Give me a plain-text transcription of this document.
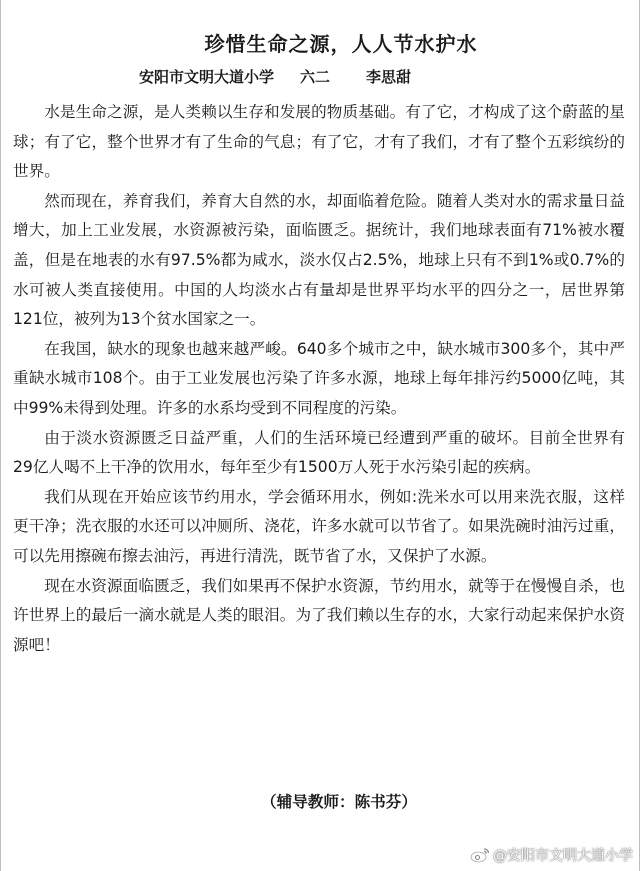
珍惜生命之源，人人节水护水
安阳市文明大道小学 六二 李思甜

水是生命之源，是人类赖以生存和发展的物质基础。有了它，才构成了这个蔚蓝的星球；有了它，整个世界才有了生命的气息；有了它，才有了我们，才有了整个五彩缤纷的世界。

然而现在，养育我们，养育大自然的水，却面临着危险。随着人类对水的需求量日益增大，加上工业发展，水资源被污染，面临匮乏。据统计，我们地球表面有71%被水覆盖，但是在地表的水有97.5%都为咸水，淡水仅占2.5%，地球上只有不到1%或0.7%的水可被人类直接使用。中国的人均淡水占有量却是世界平均水平的四分之一，居世界第121位，被列为13个贫水国家之一。

在我国，缺水的现象也越来越严峻。640多个城市之中，缺水城市300多个，其中严重缺水城市108个。由于工业发展也污染了许多水源，地球上每年排污约5000亿吨，其中99%未得到处理。许多的水系均受到不同程度的污染。

由于淡水资源匮乏日益严重，人们的生活环境已经遭到严重的破坏。目前全世界有29亿人喝不上干净的饮用水，每年至少有1500万人死于水污染引起的疾病。

我们从现在开始应该节约用水，学会循环用水，例如:洗米水可以用来洗衣服，这样更干净；洗衣服的水还可以冲厕所、浇花，许多水就可以节省了。如果洗碗时油污过重，可以先用擦碗布擦去油污，再进行清洗，既节省了水，又保护了水源。

现在水资源面临匮乏，我们如果再不保护水资源，节约用水，就等于在慢慢自杀，也许世界上的最后一滴水就是人类的眼泪。为了我们赖以生存的水，大家行动起来保护水资源吧！

（辅导教师：陈书芬）
@安阳市文明大道小学
